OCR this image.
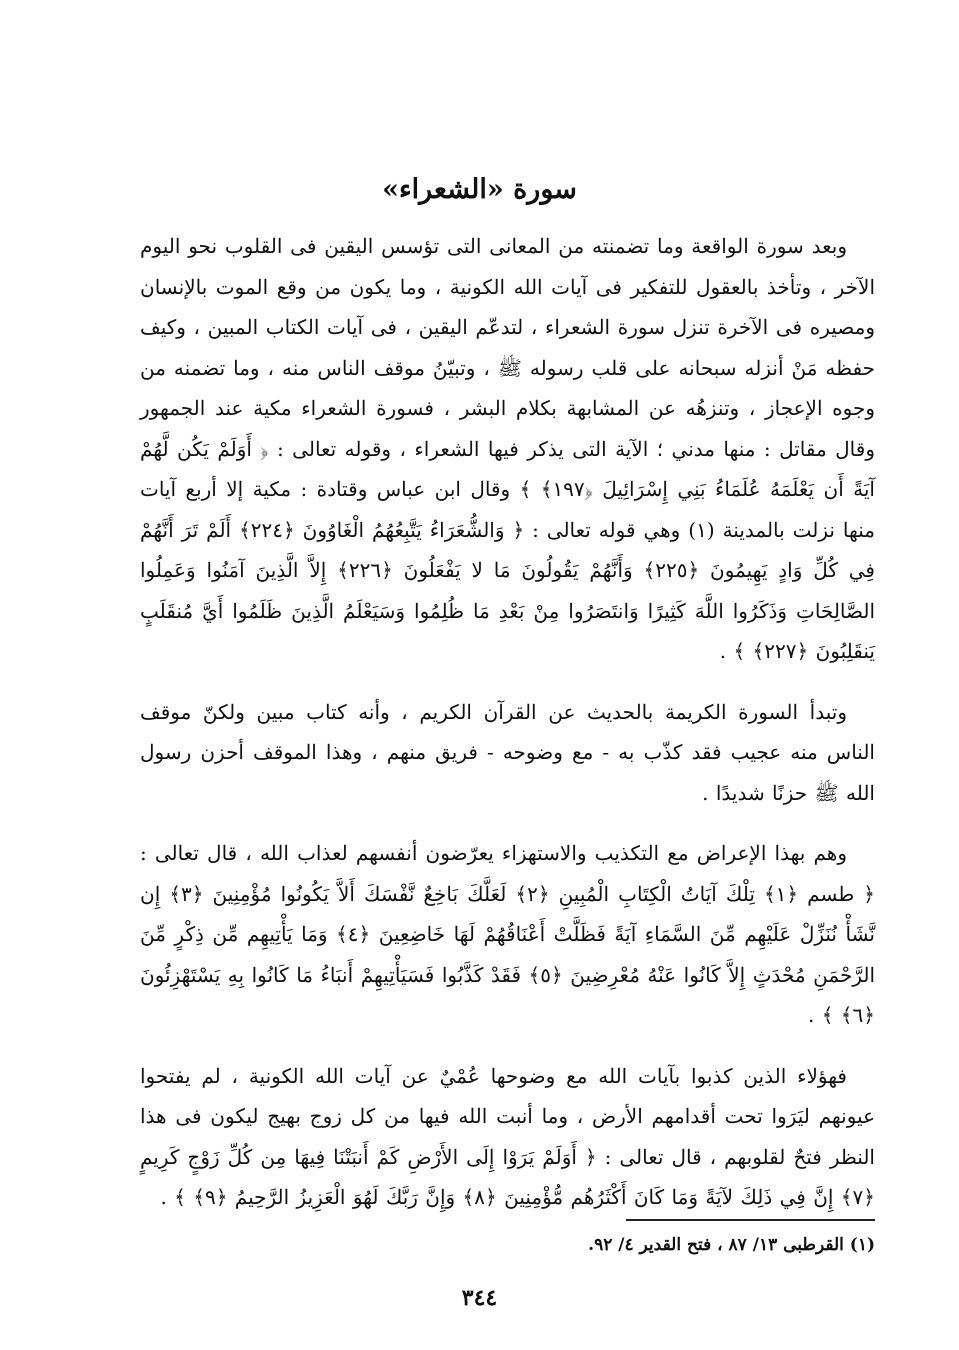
سورة «الشعراء»

وبعد سورة الواقعة وما تضمنته من المعانى التى تؤسس اليقين فى القلوب نحو اليوم الآخر ، وتأخذ بالعقول للتفكير فى آيات الله الكونية ، وما يكون من وقع الموت بالإنسان ومصيره فى الآخرة تنزل سورة الشعراء ، لتدعّم اليقين ، فى آيات الكتاب المبين ، وكيف حفظه مَنْ أنزله سبحانه على قلب رسوله ﷺ ، وتبيّنُ موقف الناس منه ، وما تضمنه من وجوه الإعجاز ، وتنزهُه عن المشابهة بكلام البشر ، فسورة الشعراء مكية عند الجمهور وقال مقاتل : منها مدني ؛ الآية التى يذكر فيها الشعراء ، وقوله تعالى : ﴿ أَوَلَمْ يَكُن لَّهُمْ آيَةً أَن يَعْلَمَهُ عُلَمَاءُ بَنِي إِسْرَائِيلَ ﴿١٩٧﴾ ﴾ وقال ابن عباس وقتادة : مكية إلا أربع آيات منها نزلت بالمدينة (١) وهي قوله تعالى : ﴿ وَالشُّعَرَاءُ يَتَّبِعُهُمُ الْغَاوُونَ ﴿٢٢٤﴾ أَلَمْ تَرَ أَنَّهُمْ فِي كُلِّ وَادٍ يَهِيمُونَ ﴿٢٢٥﴾ وَأَنَّهُمْ يَقُولُونَ مَا لا يَفْعَلُونَ ﴿٢٢٦﴾ إِلاَّ الَّذِينَ آمَنُوا وَعَمِلُوا الصَّالِحَاتِ وَذَكَرُوا اللَّهَ كَثِيرًا وَانتَصَرُوا مِنْ بَعْدِ مَا ظُلِمُوا وَسَيَعْلَمُ الَّذِينَ ظَلَمُوا أَيَّ مُنقَلَبٍ يَنقَلِبُونَ ﴿٢٢٧﴾ ﴾ .

وتبدأ السورة الكريمة بالحديث عن القرآن الكريم ، وأنه كتاب مبين ولكنّ موقف الناس منه عجيب فقد كذّب به - مع وضوحه - فريق منهم ، وهذا الموقف أحزن رسول الله ﷺ حزنًا شديدًا .

وهم بهذا الإعراض مع التكذيب والاستهزاء يعرّضون أنفسهم لعذاب الله ، قال تعالى : ﴿ طسم ﴿١﴾ تِلْكَ آيَاتُ الْكِتَابِ الْمُبِينِ ﴿٢﴾ لَعَلَّكَ بَاخِعٌ نَّفْسَكَ أَلاَّ يَكُونُوا مُؤْمِنِينَ ﴿٣﴾ إِن نَّشَأْ نُنَزِّلْ عَلَيْهِم مِّنَ السَّمَاءِ آيَةً فَظَلَّتْ أَعْنَاقُهُمْ لَهَا خَاضِعِينَ ﴿٤﴾ وَمَا يَأْتِيهِم مِّن ذِكْرٍ مِّنَ الرَّحْمَنِ مُحْدَثٍ إِلاَّ كَانُوا عَنْهُ مُعْرِضِينَ ﴿٥﴾ فَقَدْ كَذَّبُوا فَسَيَأْتِيهِمْ أَنبَاءُ مَا كَانُوا بِهِ يَسْتَهْزِئُونَ ﴿٦﴾ ﴾ .

فهؤلاء الذين كذبوا بآيات الله مع وضوحها عُمْيٌ عن آيات الله الكونية ، لم يفتحوا عيونهم ليَرَوا تحت أقدامهم الأرض ، وما أنبت الله فيها من كل زوج بهيج ليكون فى هذا النظر فتحٌ لقلوبهم ، قال تعالى : ﴿ أَوَلَمْ يَرَوْا إِلَى الأَرْضِ كَمْ أَنبَتْنَا فِيهَا مِن كُلِّ زَوْجٍ كَرِيمٍ ﴿٧﴾ إِنَّ فِي ذَلِكَ لآيَةً وَمَا كَانَ أَكْثَرُهُم مُّؤْمِنِينَ ﴿٨﴾ وَإِنَّ رَبَّكَ لَهُوَ الْعَزِيزُ الرَّحِيمُ ﴿٩﴾ ﴾ .

(١) القرطبى ١٣/ ٨٧ ، فتح القدير ٤/ ٩٢.
٣٤٤
